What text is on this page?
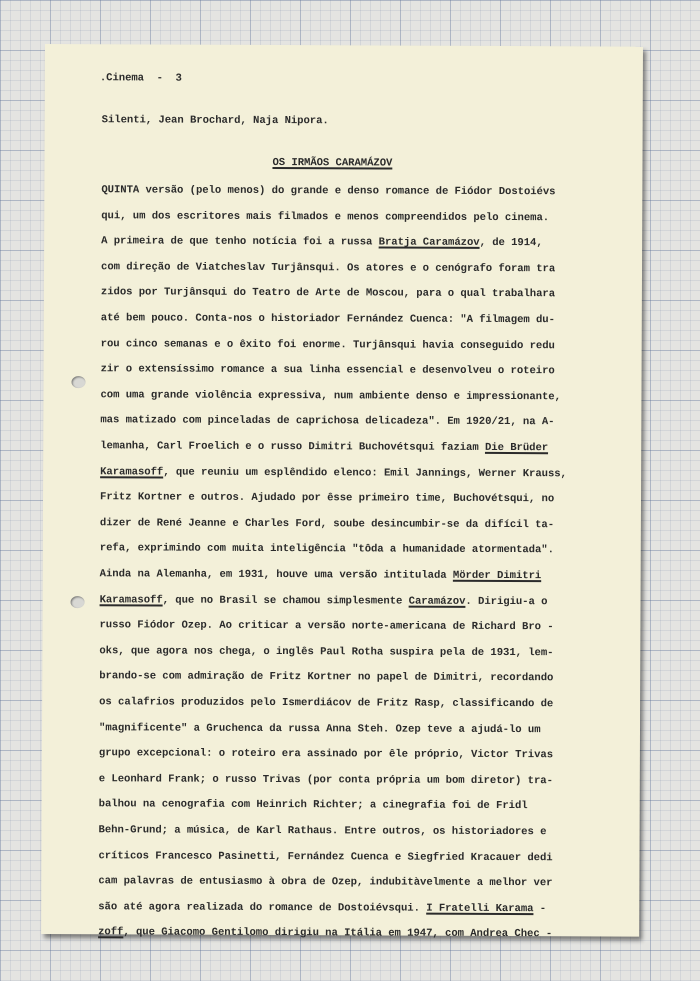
.Cinema  -  3
Silenti, Jean Brochard, Naja Nipora.
OS IRMÃOS CARAMÁZOV
QUINTA versão (pelo menos) do grande e denso romance de Fiódor Dostoiévs
qui, um dos escritores mais filmados e menos compreendidos pelo cinema.
A primeira de que tenho notícia foi a russa Bratja Caramázov, de 1914,
com direção de Viatcheslav Turjânsqui. Os atores e o cenógrafo foram tra
zidos por Turjânsqui do Teatro de Arte de Moscou, para o qual trabalhara
até bem pouco. Conta-nos o historiador Fernández Cuenca: "A filmagem du-
rou cinco semanas e o êxito foi enorme. Turjânsqui havia conseguido redu
zir o extensíssimo romance a sua linha essencial e desenvolveu o roteiro
com uma grande violência expressiva, num ambiente denso e impressionante,
mas matizado com pinceladas de caprichosa delicadeza". Em 1920/21, na A-
lemanha, Carl Froelich e o russo Dimitri Buchovétsqui faziam Die Brüder
Karamasoff, que reuniu um esplêndido elenco: Emil Jannings, Werner Krauss,
Fritz Kortner e outros. Ajudado por êsse primeiro time, Buchovétsqui, no
dizer de René Jeanne e Charles Ford, soube desincumbir-se da difícil ta-
refa, exprimindo com muita inteligência "tôda a humanidade atormentada".
Ainda na Alemanha, em 1931, houve uma versão intitulada Mörder Dimitri
Karamasoff, que no Brasil se chamou simplesmente Caramázov. Dirigiu-a o
russo Fiódor Ozep. Ao criticar a versão norte-americana de Richard Bro -
oks, que agora nos chega, o inglês Paul Rotha suspira pela de 1931, lem-
brando-se com admiração de Fritz Kortner no papel de Dimitri, recordando
os calafrios produzidos pelo Ismerdiácov de Fritz Rasp, classificando de
"magnificente" a Gruchenca da russa Anna Steh. Ozep teve a ajudá-lo um
grupo excepcional: o roteiro era assinado por êle próprio, Victor Trivas
e Leonhard Frank; o russo Trivas (por conta própria um bom diretor) tra-
balhou na cenografia com Heinrich Richter; a cinegrafia foi de Fridl
Behn-Grund; a música, de Karl Rathaus. Entre outros, os historiadores e
críticos Francesco Pasinetti, Fernández Cuenca e Siegfried Kracauer dedi
cam palavras de entusiasmo à obra de Ozep, indubitàvelmente a melhor ver
são até agora realizada do romance de Dostoiévsqui. I Fratelli Karama -
zoff, que Giacomo Gentilomo dirigiu na Itália em 1947, com Andrea Chec -
